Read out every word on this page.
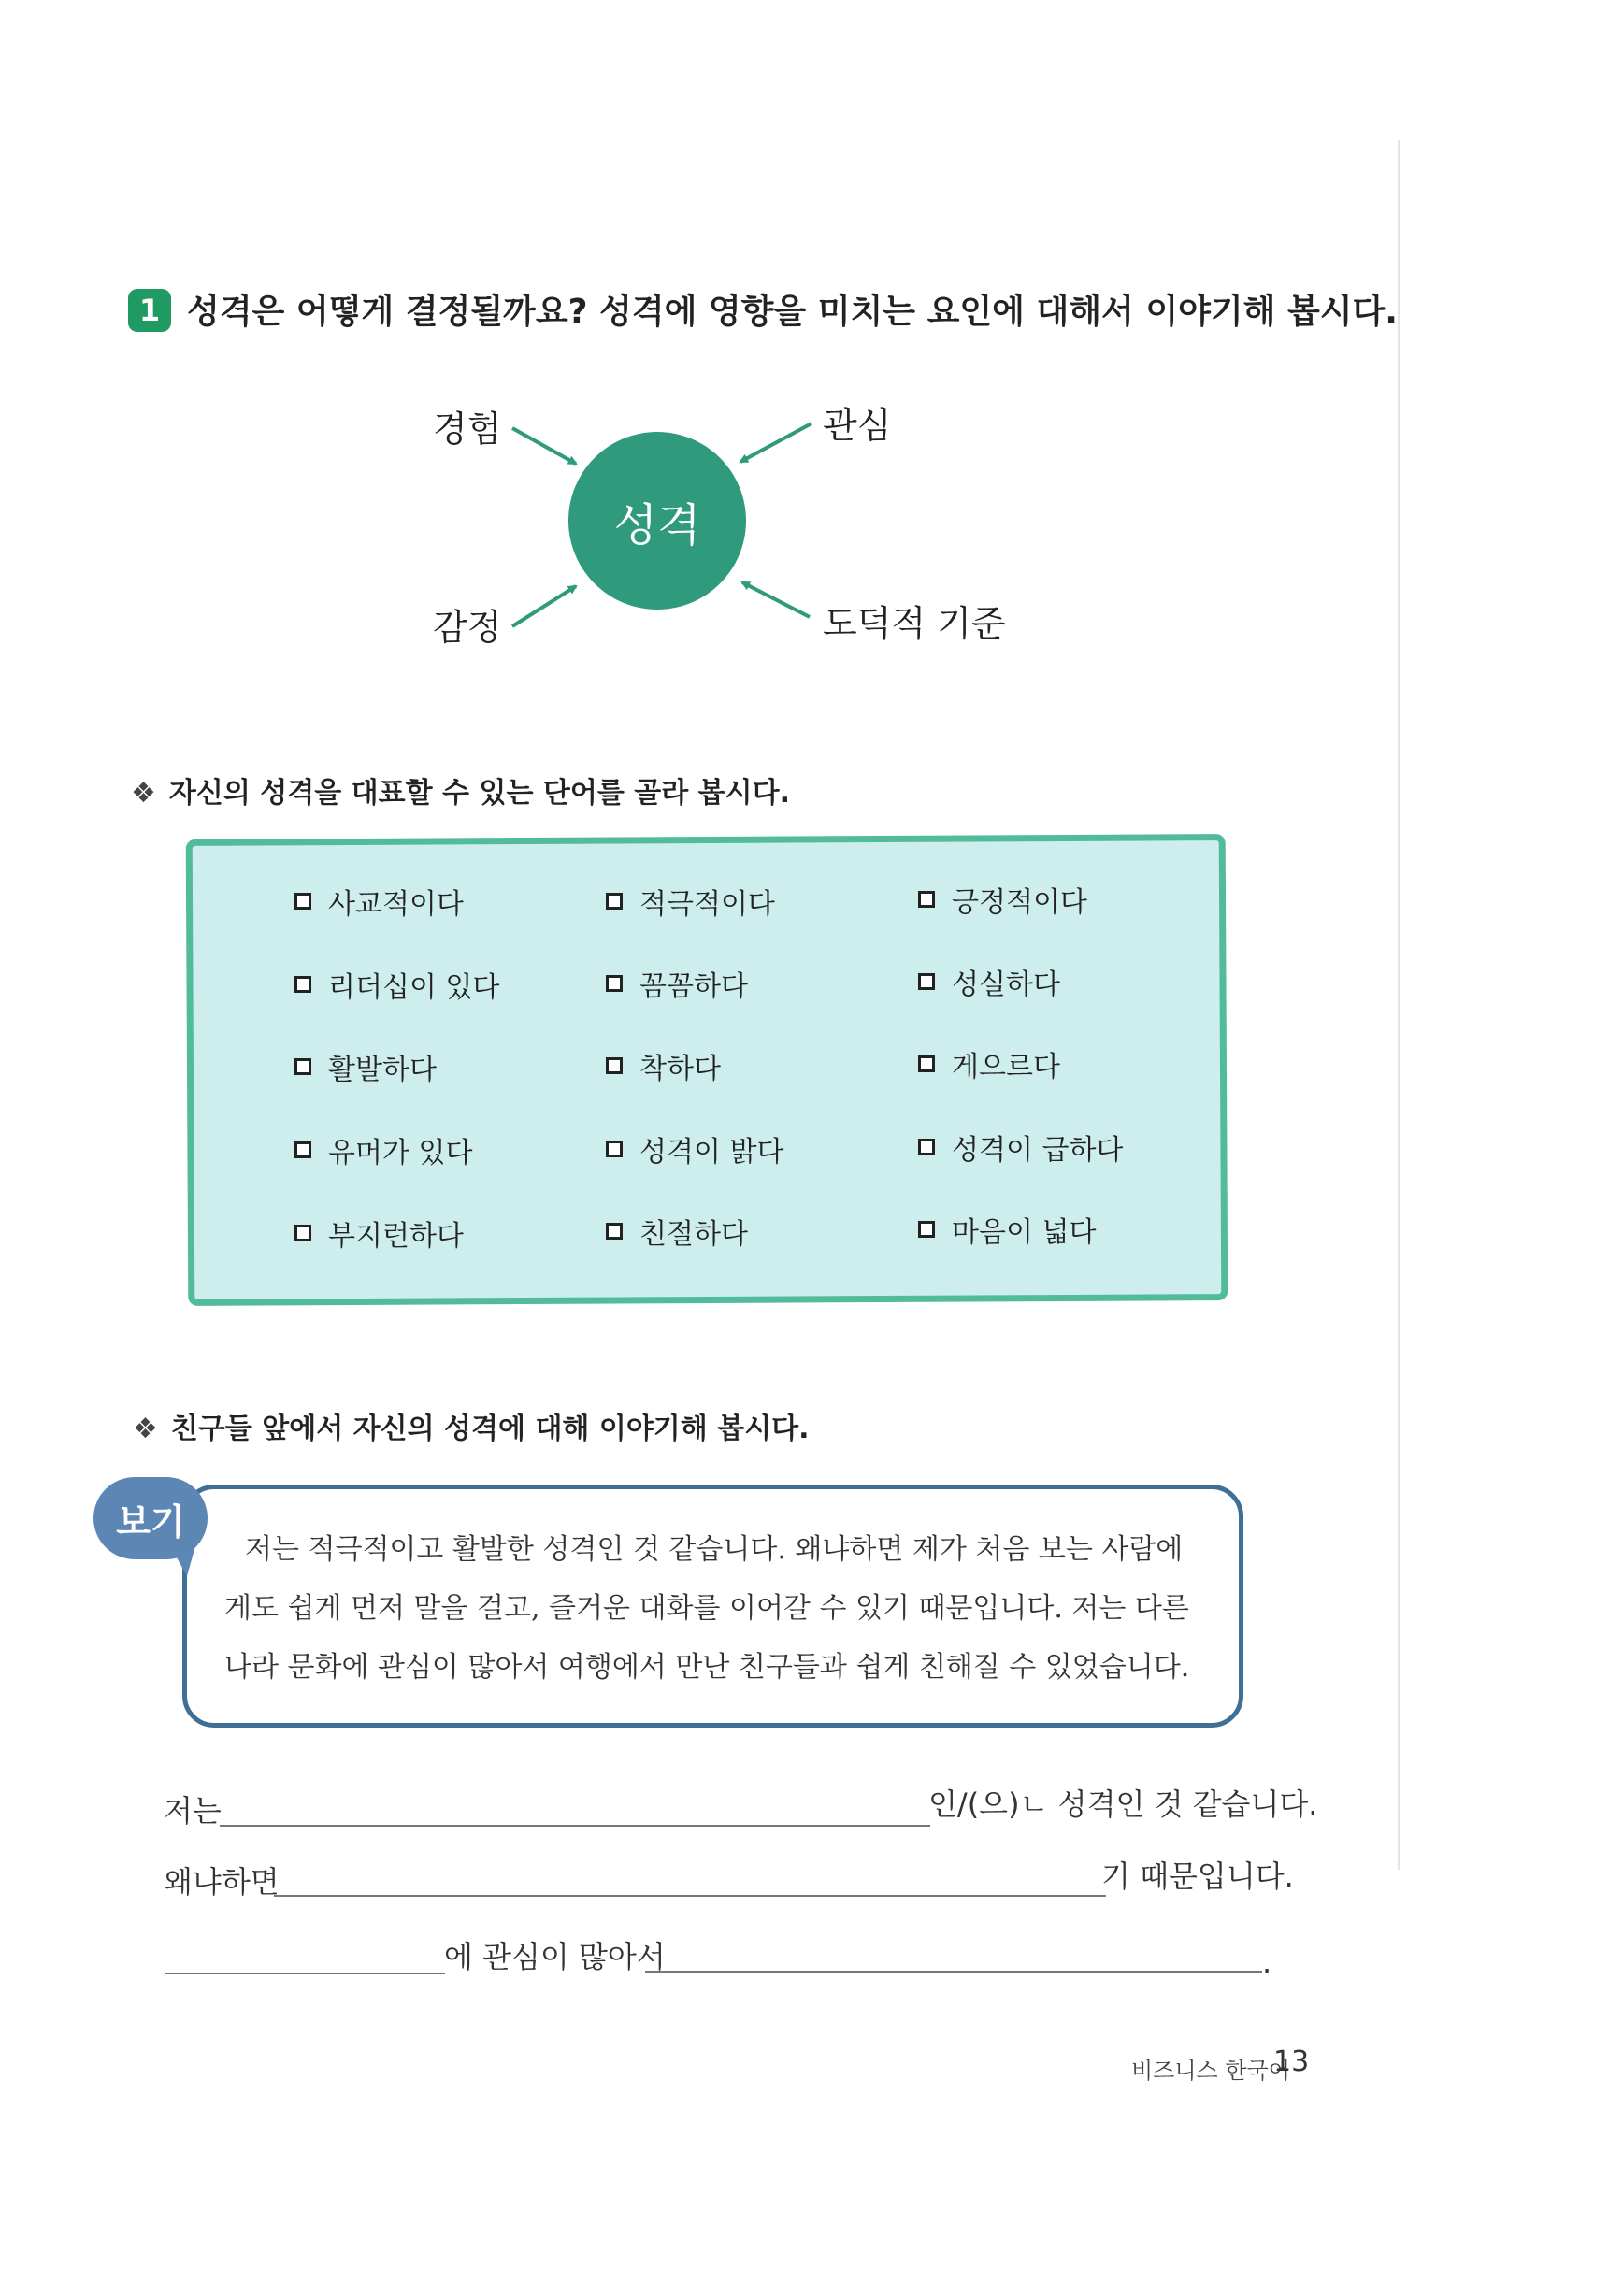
1 성격은 어떻게 결정될까요? 성격에 영향을 미치는 요인에 대해서 이야기해 봅시다.
성격
경험	관심
감정	도덕적 기준
❖ 자신의 성격을 대표할 수 있는 단어를 골라 봅시다.
사교적이다	적극적이다	긍정적이다
리더십이 있다	꼼꼼하다	성실하다
활발하다	착하다	게으르다
유머가 있다	성격이 밝다	성격이 급하다
부지런하다	친절하다	마음이 넓다
❖ 친구들 앞에서 자신의 성격에 대해 이야기해 봅시다.
보기
저는 적극적이고 활발한 성격인 것 같습니다. 왜냐하면 제가 처음 보는 사람에
게도 쉽게 먼저 말을 걸고, 즐거운 대화를 이어갈 수 있기 때문입니다. 저는 다른
나라 문화에 관심이 많아서 여행에서 만난 친구들과 쉽게 친해질 수 있었습니다.
저는	인/(으)ㄴ 성격인 것 같습니다.
왜냐하면	기 때문입니다.
에 관심이 많아서	.
비즈니스 한국어
13
